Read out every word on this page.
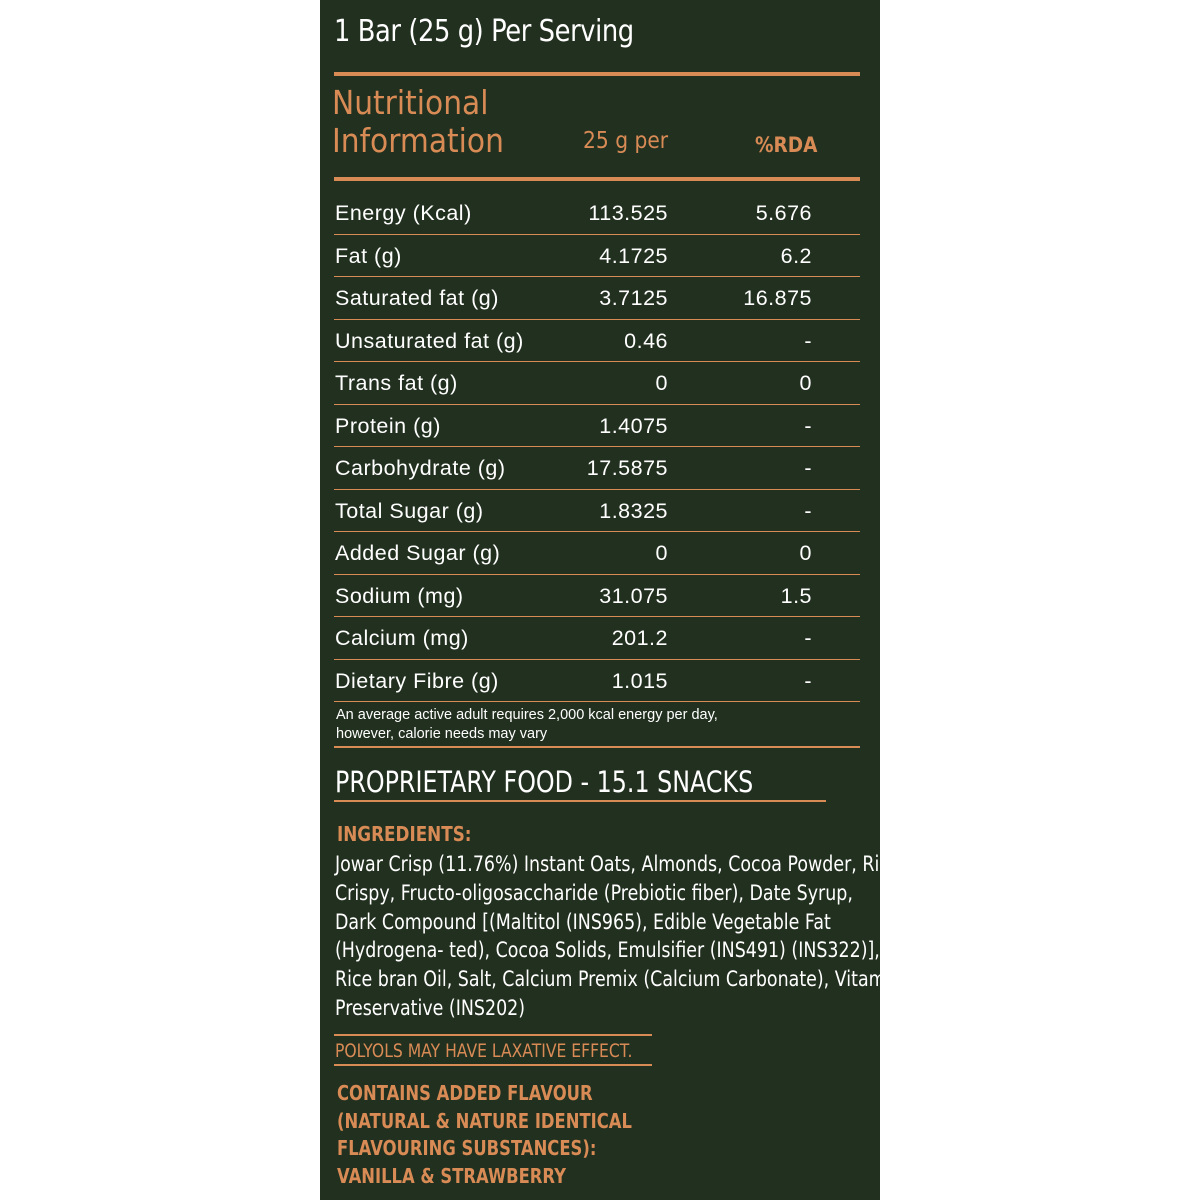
1 Bar (25 g) Per Serving
Nutritional
Information	25 g per	%RDA
Energy (Kcal)	113.525	5.676
Fat (g)	4.1725	6.2
Saturated fat (g)	3.7125	16.875
Unsaturated fat (g)	0.46	-
Trans fat (g)	0	0
Protein (g)	1.4075	-
Carbohydrate (g)	17.5875	-
Total Sugar (g)	1.8325	-
Added Sugar (g)	0	0
Sodium (mg)	31.075	1.5
Calcium (mg)	201.2	-
Dietary Fibre (g)	1.015	-
An average active adult requires 2,000 kcal energy per day,
however, calorie needs may vary
PROPRIETARY FOOD - 15.1 SNACKS
INGREDIENTS:
Jowar Crisp (11.76%) Instant Oats, Almonds, Cocoa Powder, Rice
Crispy, Fructo-oligosaccharide (Prebiotic fiber), Date Syrup,
Dark Compound [(Maltitol (INS965), Edible Vegetable Fat
(Hydrogena- ted), Cocoa Solids, Emulsifier (INS491) (INS322)],
Rice bran Oil, Salt, Calcium Premix (Calcium Carbonate), Vitamin E,
Preservative (INS202)
POLYOLS MAY HAVE LAXATIVE EFFECT.
CONTAINS ADDED FLAVOUR
(NATURAL & NATURE IDENTICAL
FLAVOURING SUBSTANCES):
VANILLA & STRAWBERRY
